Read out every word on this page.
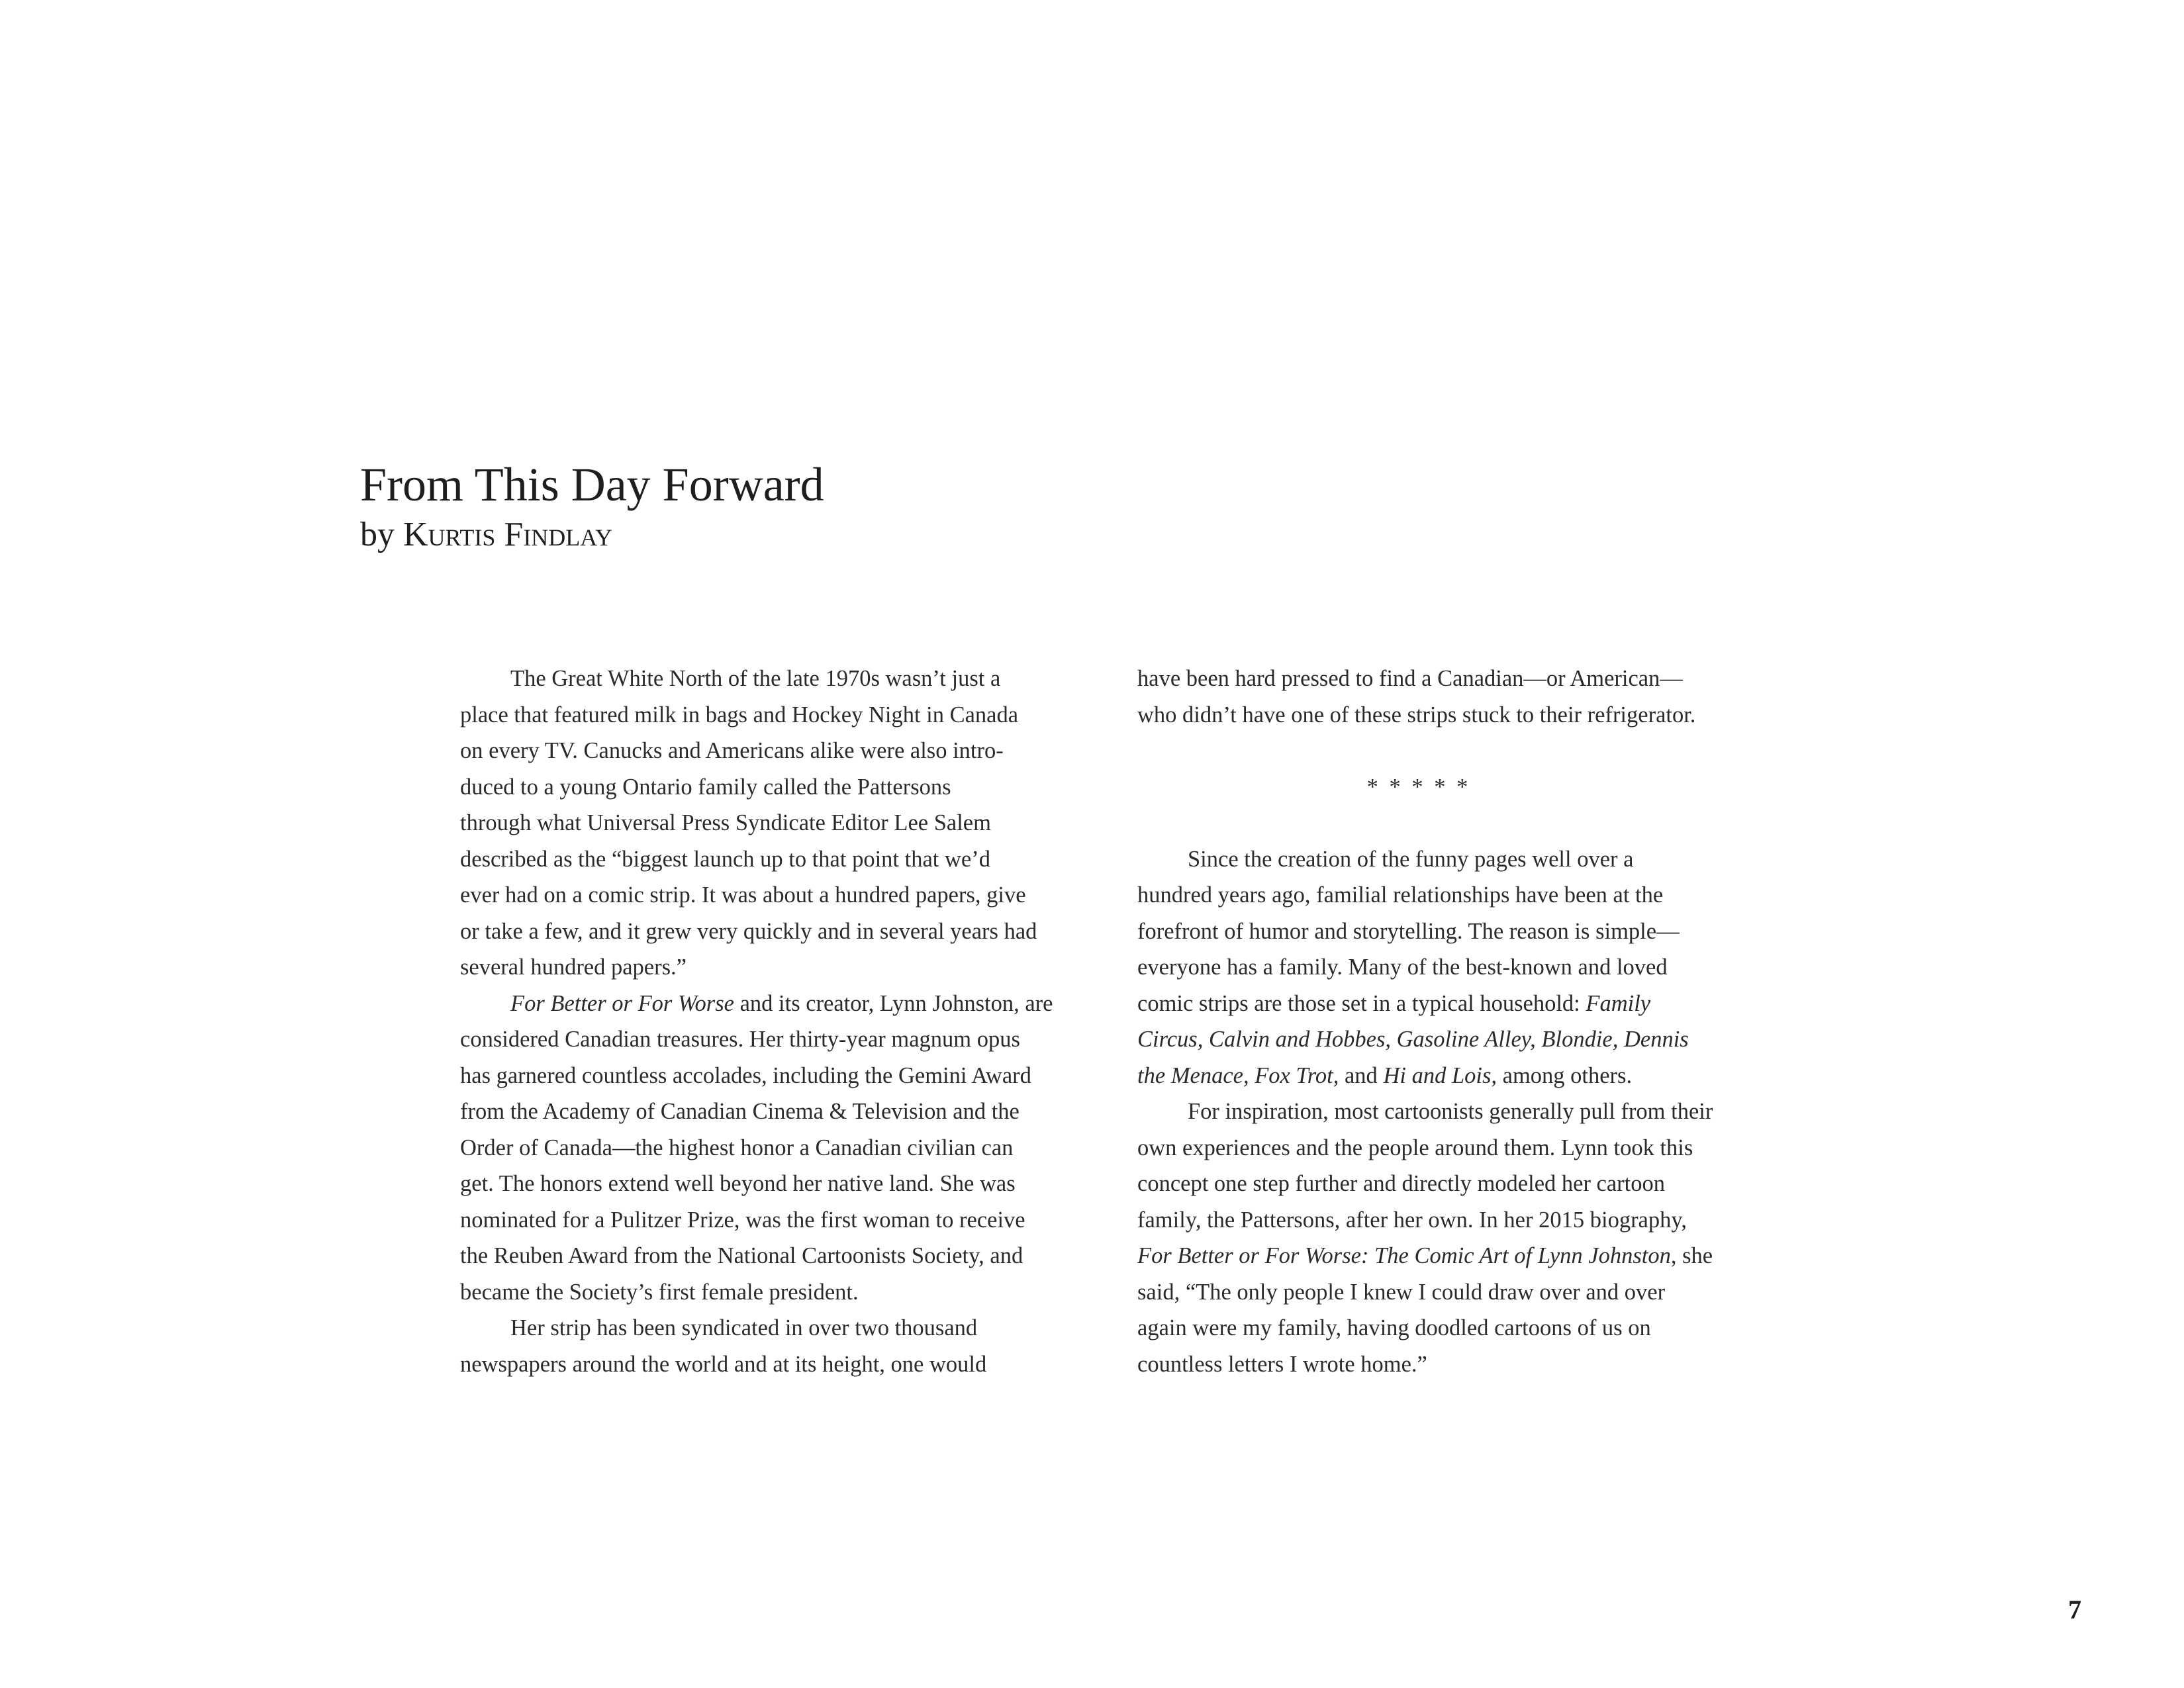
From This Day Forward
by Kurtis Findlay
The Great White North of the late 1970s wasn’t just a
place that featured milk in bags and Hockey Night in Canada
on every TV. Canucks and Americans alike were also intro-
duced to a young Ontario family called the Pattersons
through what Universal Press Syndicate Editor Lee Salem
described as the “biggest launch up to that point that we’d
ever had on a comic strip. It was about a hundred papers, give
or take a few, and it grew very quickly and in several years had
several hundred papers.”
For Better or For Worse and its creator, Lynn Johnston, are
considered Canadian treasures. Her thirty-year magnum opus
has garnered countless accolades, including the Gemini Award
from the Academy of Canadian Cinema & Television and the
Order of Canada—the highest honor a Canadian civilian can
get. The honors extend well beyond her native land. She was
nominated for a Pulitzer Prize, was the first woman to receive
the Reuben Award from the National Cartoonists Society, and
became the Society’s first female president.
Her strip has been syndicated in over two thousand
newspapers around the world and at its height, one would
have been hard pressed to find a Canadian—or American—
who didn’t have one of these strips stuck to their refrigerator.
* * * * *
Since the creation of the funny pages well over a
hundred years ago, familial relationships have been at the
forefront of humor and storytelling. The reason is simple—
everyone has a family. Many of the best-known and loved
comic strips are those set in a typical household: Family
Circus, Calvin and Hobbes, Gasoline Alley, Blondie, Dennis
the Menace, Fox Trot, and Hi and Lois, among others.
For inspiration, most cartoonists generally pull from their
own experiences and the people around them. Lynn took this
concept one step further and directly modeled her cartoon
family, the Pattersons, after her own. In her 2015 biography,
For Better or For Worse: The Comic Art of Lynn Johnston, she
said, “The only people I knew I could draw over and over
again were my family, having doodled cartoons of us on
countless letters I wrote home.”
7
